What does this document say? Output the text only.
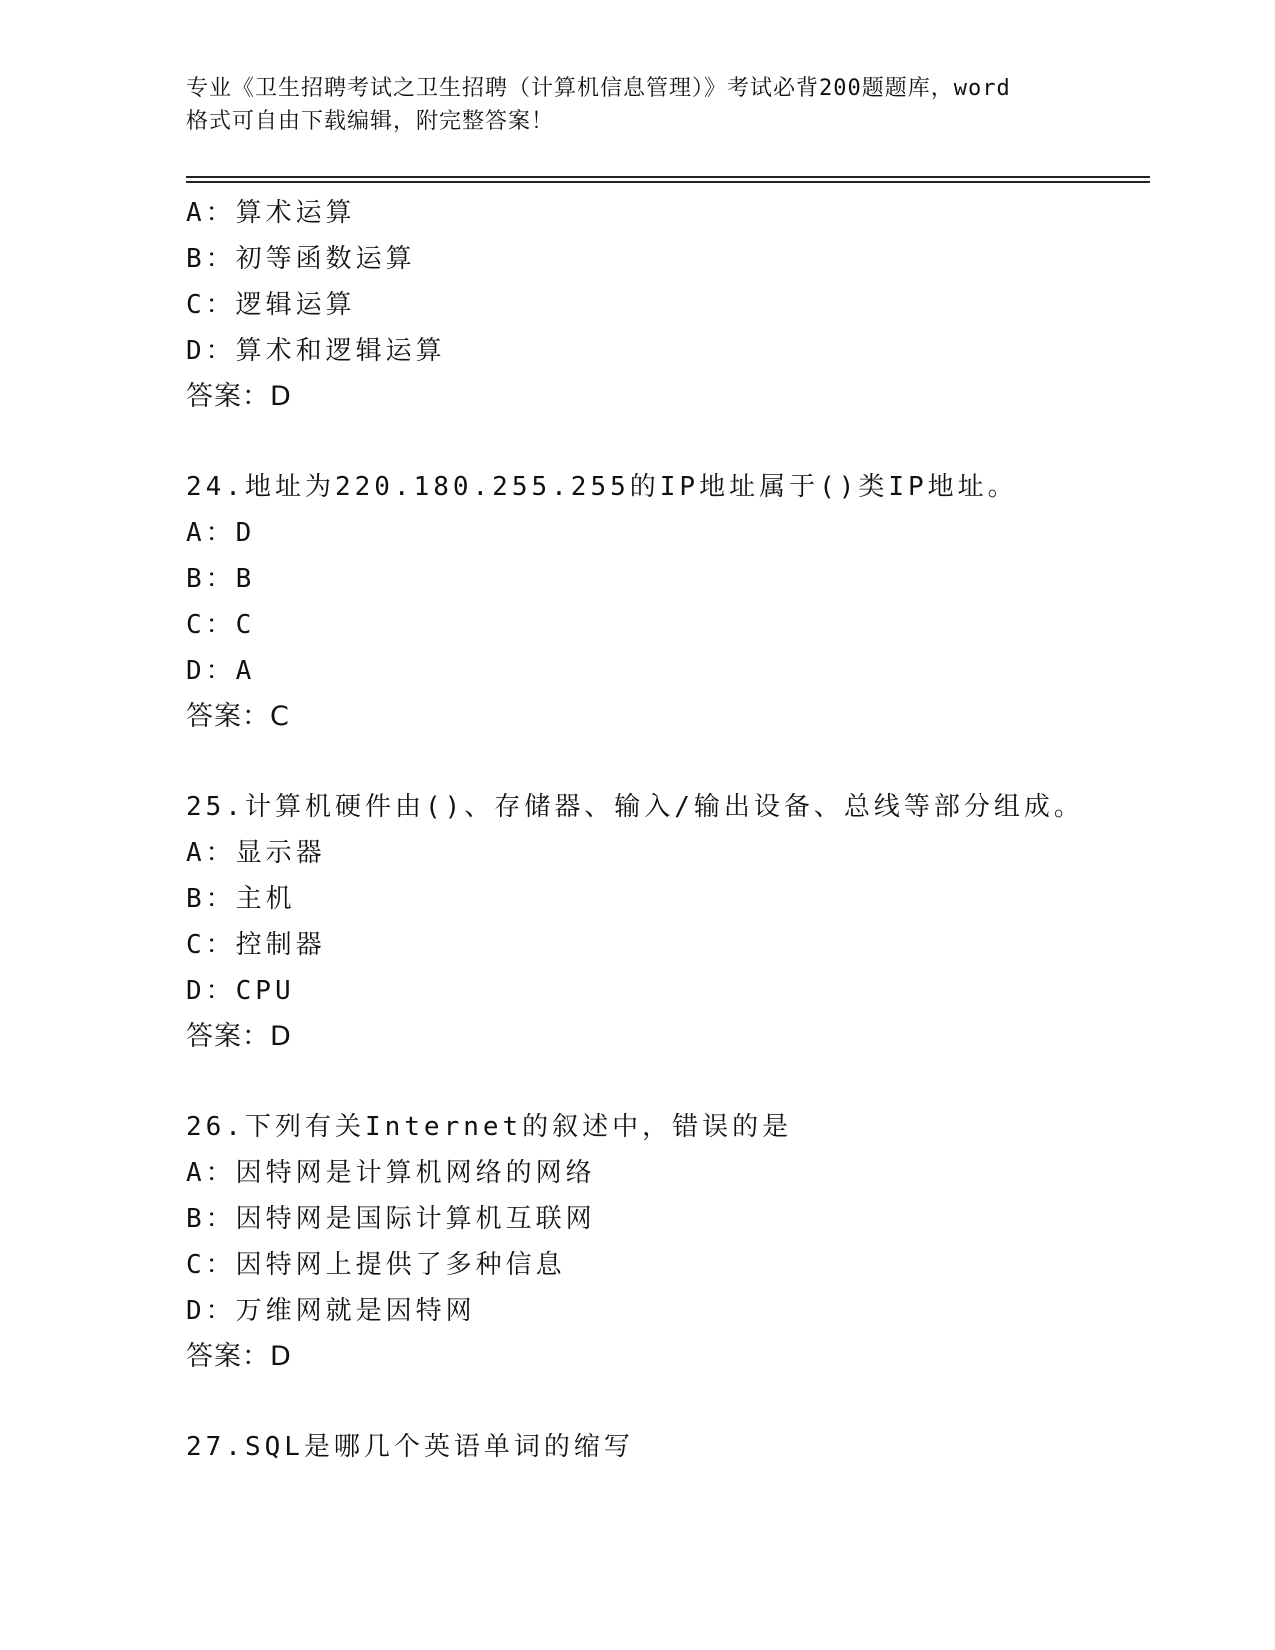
专业《卫生招聘考试之卫生招聘（计算机信息管理）》考试必背200题题库，word

格式可自由下载编辑，附完整答案！

A：算术运算
B：初等函数运算
C：逻辑运算
D：算术和逻辑运算
答案：D
24.地址为220.180.255.255的IP地址属于()类IP地址。
A：D
B：B
C：C
D：A
答案：C
25.计算机硬件由()、存储器、输入/输出设备、总线等部分组成。
A：显示器
B：主机
C：控制器
D：CPU
答案：D
26.下列有关Internet的叙述中，错误的是
A：因特网是计算机网络的网络
B：因特网是国际计算机互联网
C：因特网上提供了多种信息
D：万维网就是因特网
答案：D
27.SQL是哪几个英语单词的缩写
